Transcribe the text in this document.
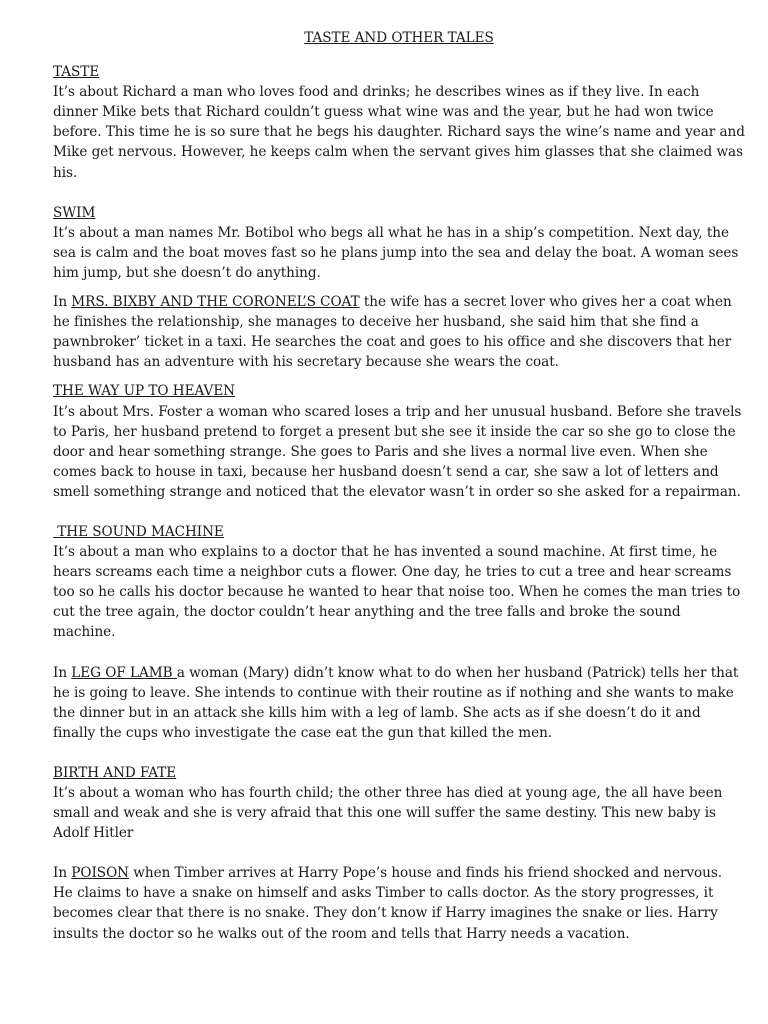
TASTE AND OTHER TALES
TASTE

It’s about Richard a man who loves food and drinks; he describes wines as if they live. In each dinner Mike bets that Richard couldn’t guess what wine was and the year, but he had won twice before. This time he is so sure that he begs his daughter. Richard says the wine’s name and year and Mike get nervous. However, he keeps calm when the servant gives him glasses that she claimed was his.

SWIM

It’s about a man names Mr. Botibol who begs all what he has in a ship’s competition. Next day, the sea is calm and the boat moves fast so he plans jump into the sea and delay the boat. A woman sees him jump, but she doesn’t do anything.

In MRS. BIXBY AND THE CORONEL’S COAT the wife has a secret lover who gives her a coat when he finishes the relationship, she manages to deceive her husband, she said him that she find a pawnbroker’ ticket in a taxi. He searches the coat and goes to his office and she discovers that her husband has an adventure with his secretary because she wears the coat.

THE WAY UP TO HEAVEN

It’s about Mrs. Foster a woman who scared loses a trip and her unusual husband. Before she travels to Paris, her husband pretend to forget a present but she see it inside the car so she go to close the door and hear something strange. She goes to Paris and she lives a normal live even. When she comes back to house in taxi, because her husband doesn’t send a car, she saw a lot of letters and smell something strange and noticed that the elevator wasn’t in order so she asked for a repairman.

THE SOUND MACHINE

It’s about a man who explains to a doctor that he has invented a sound machine. At first time, he hears screams each time a neighbor cuts a flower. One day, he tries to cut a tree and hear screams too so he calls his doctor because he wanted to hear that noise too. When he comes the man tries to cut the tree again, the doctor couldn’t hear anything and the tree falls and broke the sound machine.

In LEG OF LAMB a woman (Mary) didn’t know what to do when her husband (Patrick) tells her that he is going to leave. She intends to continue with their routine as if nothing and she wants to make the dinner but in an attack she kills him with a leg of lamb. She acts as if she doesn’t do it and finally the cups who investigate the case eat the gun that killed the men.

BIRTH AND FATE

It’s about a woman who has fourth child; the other three has died at young age, the all have been small and weak and she is very afraid that this one will suffer the same destiny. This new baby is Adolf Hitler

In POISON when Timber arrives at Harry Pope’s house and finds his friend shocked and nervous. He claims to have a snake on himself and asks Timber to calls doctor. As the story progresses, it becomes clear that there is no snake. They don’t know if Harry imagines the snake or lies. Harry insults the doctor so he walks out of the room and tells that Harry needs a vacation.
